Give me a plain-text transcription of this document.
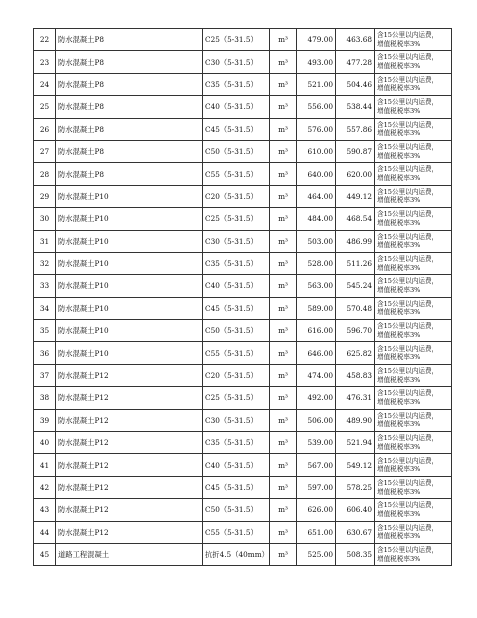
22	防水混凝土P8	C25（5-31.5）	m³	479.00	463.68	含15公里以内运费，
增值税税率3%

23	防水混凝土P8	C30（5-31.5）	m³	493.00	477.28	含15公里以内运费，
增值税税率3%

24	防水混凝土P8	C35（5-31.5）	m³	521.00	504.46	含15公里以内运费，
增值税税率3%

25	防水混凝土P8	C40（5-31.5）	m³	556.00	538.44	含15公里以内运费，
增值税税率3%

26	防水混凝土P8	C45（5-31.5）	m³	576.00	557.86	含15公里以内运费，
增值税税率3%

27	防水混凝土P8	C50（5-31.5）	m³	610.00	590.87	含15公里以内运费，
增值税税率3%

28	防水混凝土P8	C55（5-31.5）	m³	640.00	620.00	含15公里以内运费，
增值税税率3%

29	防水混凝土P10	C20（5-31.5）	m³	464.00	449.12	含15公里以内运费，
增值税税率3%

30	防水混凝土P10	C25（5-31.5）	m³	484.00	468.54	含15公里以内运费，
增值税税率3%

31	防水混凝土P10	C30（5-31.5）	m³	503.00	486.99	含15公里以内运费，
增值税税率3%

32	防水混凝土P10	C35（5-31.5）	m³	528.00	511.26	含15公里以内运费，
增值税税率3%

33	防水混凝土P10	C40（5-31.5）	m³	563.00	545.24	含15公里以内运费，
增值税税率3%

34	防水混凝土P10	C45（5-31.5）	m³	589.00	570.48	含15公里以内运费，
增值税税率3%

35	防水混凝土P10	C50（5-31.5）	m³	616.00	596.70	含15公里以内运费，
增值税税率3%

36	防水混凝土P10	C55（5-31.5）	m³	646.00	625.82	含15公里以内运费，
增值税税率3%

37	防水混凝土P12	C20（5-31.5）	m³	474.00	458.83	含15公里以内运费，
增值税税率3%

38	防水混凝土P12	C25（5-31.5）	m³	492.00	476.31	含15公里以内运费，
增值税税率3%

39	防水混凝土P12	C30（5-31.5）	m³	506.00	489.90	含15公里以内运费，
增值税税率3%

40	防水混凝土P12	C35（5-31.5）	m³	539.00	521.94	含15公里以内运费，
增值税税率3%

41	防水混凝土P12	C40（5-31.5）	m³	567.00	549.12	含15公里以内运费，
增值税税率3%

42	防水混凝土P12	C45（5-31.5）	m³	597.00	578.25	含15公里以内运费，
增值税税率3%

43	防水混凝土P12	C50（5-31.5）	m³	626.00	606.40	含15公里以内运费，
增值税税率3%

44	防水混凝土P12	C55（5-31.5）	m³	651.00	630.67	含15公里以内运费，
增值税税率3%

45	道路工程混凝土	抗折4.5（40mm）	m³	525.00	508.35	含15公里以内运费，
增值税税率3%
